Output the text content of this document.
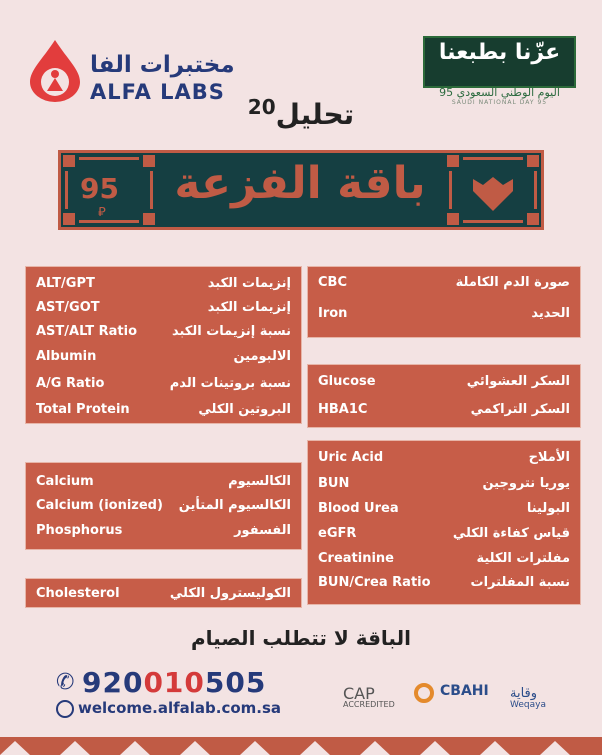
مختبرات الفا
ALFA LABS
عزّنا بطبعنا
اليوم الوطني السعودي 95
SAUDI NATIONAL DAY 95
تحليل$^{20}$
95
⃁
باقة الفزعة
ALT/GPT	إنزيمات الكبد
AST/GOT	إنزيمات الكبد
AST/ALT Ratio	نسبة إنزيمات الكبد
Albumin	الالبومين
A/G Ratio	نسبة بروتينات الدم
Total Protein	البروتين الكلي
CBC	صورة الدم الكاملة
Iron	الحديد
Glucose	السكر العشوائي
HBA1C	السكر التراكمي
Calcium	الكالسيوم
Calcium (ionized) الكالسيوم المتأين
Phosphorus	الفسفور
Uric Acid	الأملاح
BUN	يوريا نتروجين
Blood Urea	البولينا
eGFR	قياس كفاءة الكلي
Creatinine	مفلترات الكلية
BUN/Crea Ratio	نسبة المفلترات
Cholesterol	الكوليسترول الكلي
الباقة لا تتطلب الصيام
✆ 920010505
welcome.alfalab.com.sa
CAP
ACCREDITED
CBAHI وقاية
Weqaya
